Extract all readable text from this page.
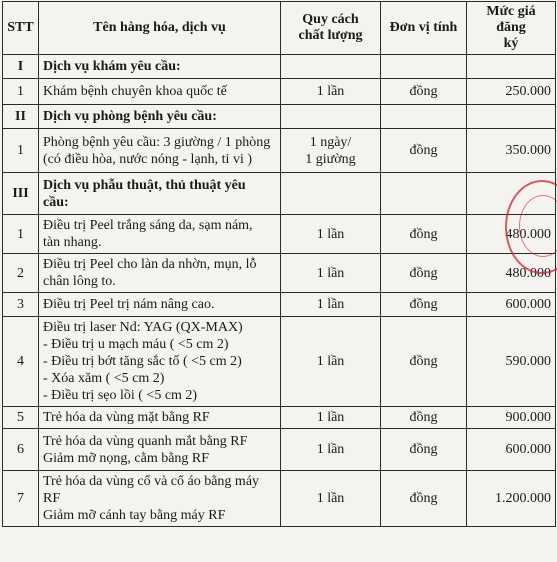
STT	Tên hàng hóa, dịch vụ	Quy cách
chất lượng	Đơn vị tính	Mức giá đăng
ký

I	Dịch vụ khám yêu cầu:			
1	Khám bệnh chuyên khoa quốc tế	1 lần	đồng	250.000
II	Dịch vụ phòng bệnh yêu cầu:			
1	Phòng bệnh yêu cầu: 3 giường / 1 phòng
(có điều hòa, nước nóng - lạnh, ti vi )	1 ngày/
1 giường	đồng	350.000
III	Dịch vụ phẫu thuật, thủ thuật yêu
cầu:			

1	Điều trị Peel trắng sáng da, sạm nám,
tàn nhang.	1 lần	đồng	480.000
2	Điều trị Peel cho làn da nhờn, mụn, lỗ
chân lông to.	1 lần	đồng	480.000
3	Điều trị Peel trị nám nâng cao.	1 lần	đồng	600.000
4	Điều trị laser Nd: YAG (QX-MAX)
- Điều trị u mạch máu ( <5 cm 2)
- Điều trị bớt tăng sắc tố ( <5 cm 2)
- Xóa xăm ( <5 cm 2)
- Điều trị sẹo lồi ( <5 cm 2)	1 lần	đồng	590.000
5	Trẻ hóa da vùng mặt bằng RF	1 lần	đồng	900.000
6	Trẻ hóa da vùng quanh mắt bằng RF
Giảm mỡ nọng, cằm bằng RF	1 lần	đồng	600.000
7	Trẻ hóa da vùng cổ và cổ áo bằng máy
RF
Giảm mỡ cánh tay bằng máy RF	1 lần	đồng	1.200.000
